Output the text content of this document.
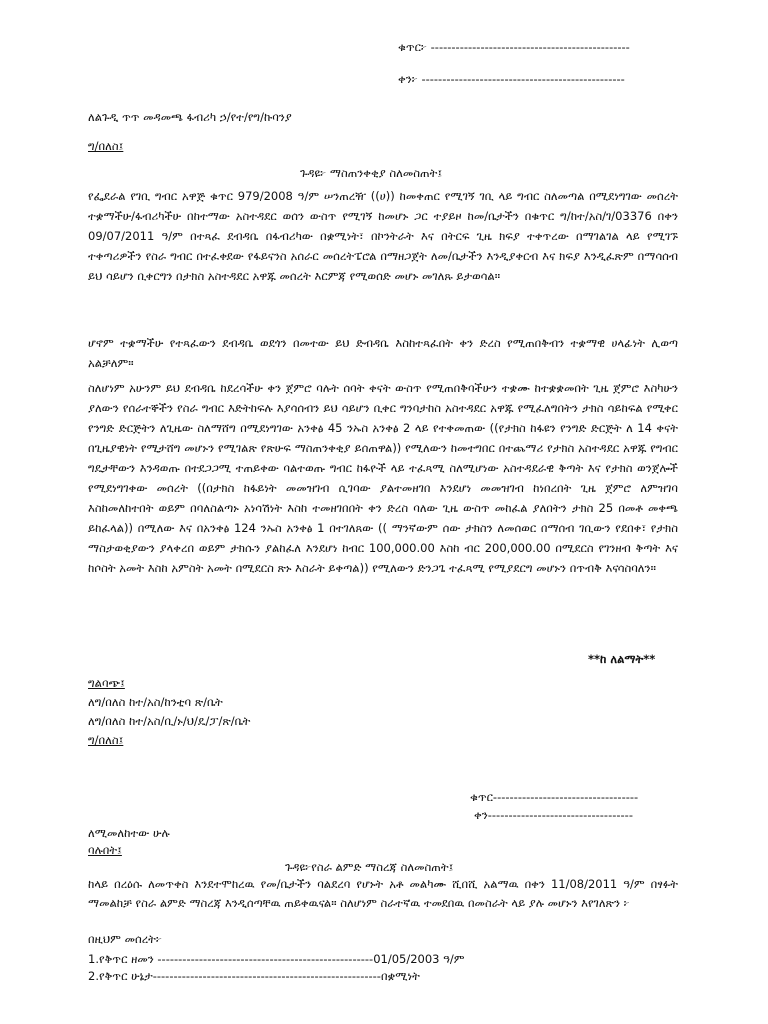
ቁጥር፦ ------------------------------------------------
ቀን፦ -------------------------------------------------
ለልጉዲ ጥጥ መዳመጫ ፋብሪካ ኃ/የተ/የግ/ኩባንያ
ግ/በለስ፤
ጉዳዩ፦ ማስጠንቀቂያ ስለመስጠት፤

የፌደራል የገቢ ግብር አዋጅ ቁጥር 979/2008 ዓ/ም ሠንጠረዥ ((ሀ)) ከመቀጠር የሚገኝ ገቢ ላይ ግብር ስለመጣል በሚደነግገው መሰረት ተቋማችሁ/ፋብሪካችሁ በከተማው አስተዳደር ወሰን ውስጥ የሚገኝ ከመሆኑ ጋር ተያይዞ ከመ/ቤታችን በቁጥር ግ/ከተ/አስ/ገ/03376 በቀን 09/07/2011 ዓ/ም በተጻፈ ደብዳቤ በፋብሪካው በቋሚነት፣ በኮንትራት እና በትርፍ ጊዜ ክፍያ ተቀጥረው በማገልገል ላይ የሚገኙ ተቀጣሪዎችን የስራ ግብር በተፈቀደው የፋይናንስ አሰራር መሰረትፔሮል በማዘጋጀት ለመ/ቤታችን እንዲያቀርብ እና ክፍያ እንዲፈጽም በማሳሰብ ይህ ሳይሆን ቢቀርግን በታክስ አስተዳደር አዋጁ መሰረት እርምጃ የሚወሰድ መሆኑ መገለጹ ይታወሳል።

ሆኖም ተቋማችሁ የተጻፈውን ደብዳቤ ወደጎን በመተው ይህ ድብዳቤ እስከተጻፈበት ቀን ድረስ የሚጠበቅብን ተቋማዊ ሀላፊነት ሊወጣ አልቻለም።

ስለሆነም አሁንም ይህ ደብዳቤ ከደረሳችሁ ቀን ጀምሮ ባሉት ሰባት ቀናት ውስጥ የሚጠበቅባችሁን ተቋሙ ከተቋቋመበት ጊዜ ጀምሮ እስካሁን ያለውን የሰራተኞችን የስራ ግብር እድትከፍሉ እያሳሰብን ይህ ሳይሆን ቢቀር ግንባታከስ አስተዳደር አዋጁ የሚፈለግበትን ታክስ ሳይከፍል የሚቀር የንግድ ድርጅትን ለጊዜው ስለማሸግ በሚደነግገው አንቀፅ 45 ንኡስ አንቀፅ 2 ላይ የተቀመጠው ((የታክስ ከፋዩን የንግድ ድርጅት ለ 14 ቀናት በጊዜያዊነት የሚታሸግ መሆኑን የሚገልጽ የጽሁፍ ማስጠንቀቂያ ይሰጠዋል)) የሚለውን ከመተግበር በተጨማሪ የታክስ አስተዳደር አዋጁ የግብር ግዴታቸውን እንዳወጡ በተደጋጋሚ ተጠይቀው ባልተወጡ ግብር ከፋዮች ላይ ተፈጻሚ ስለሚሆነው አስተዳደራዊ ቅጣት እና የታክስ ወንጀሎች የሚደነግገቀው መሰረት ((በታክስ ከፋይነት መመዝገብ ሲገባው ያልተመዘገበ እንደሆነ መመዝገብ ከነበረበት ጊዜ ጀምሮ ለምዝገባ እስከመለከተበት ወይም በባለስልጣኑ አነሳሽነት እስከ ተመዘገበበት ቀን ድረስ ባለው ጊዜ ውስጥ መከፈል ያለበትን ታክስ 25 በመቶ መቀጫ ይከፈላል)) በሚለው እና በአንቀፅ 124 ንኡስ አንቀፅ 1 በተገለጸው (( ማንኛውም ሰው ታክስን ለመሰወር በማሰብ ገቢውን የደበቀ፣ የታክስ ማስታወቂያውን ያላቀረበ ወይም ታክሱን ያልከፈለ እንደሆነ ከብር 100,000.00 እስከ ብር 200,000.00 በሚደርስ የገንዘብ ቅጣት እና ከሶስት አመት እስከ አምስት አመት በሚደርስ ጽኑ እስራት ይቀጣል)) የሚለውን ድንጋጌ ተፈጻሚ የሚያደርግ መሆኑን በጥብቅ እናሳስባለን።

**ከ ለልማት**
ግልባጭ፤
ለግ/በለስ ከተ/አስ/ከንቲባ ጽ/ቤት
ለግ/በለስ ከተ/አስ/ቢ/ኑ/ህ/ዴ/ፓ/ጽ/ቤት
ግ/በለስ፤
ቁጥር-----------------------------------
ቀን-----------------------------------
ለሚመለከተው ሁሉ
ባሉበት፤
ጉዳዩ፦የስራ ልምድ ማስረጃ ስለመስጠት፤

ከላይ በረዕሱ ለመጥቀስ እንደተሞከረዉ የመ/ቤታችን ባልደረባ የሆኑት አቶ መልካሙ ሺበሺ አልማዉ በቀን 11/08/2011 ዓ/ም በፃፉት ማመልከቻ የስራ ልምድ ማስረጃ እንዲሰጣቸዉ ጠይቀዉናል። ስለሆነም ስራተኛዉ ተመደበዉ በመስራት ላይ ያሉ መሆኑን እየገለጽን ፦

በዚህም መሰረት፦
1.የቅጥር ዘመን ----------------------------------------------------01/05/2003 ዓ/ም
2.የቅጥር ሁኔታ-------------------------------------------------------በቋሚነት
